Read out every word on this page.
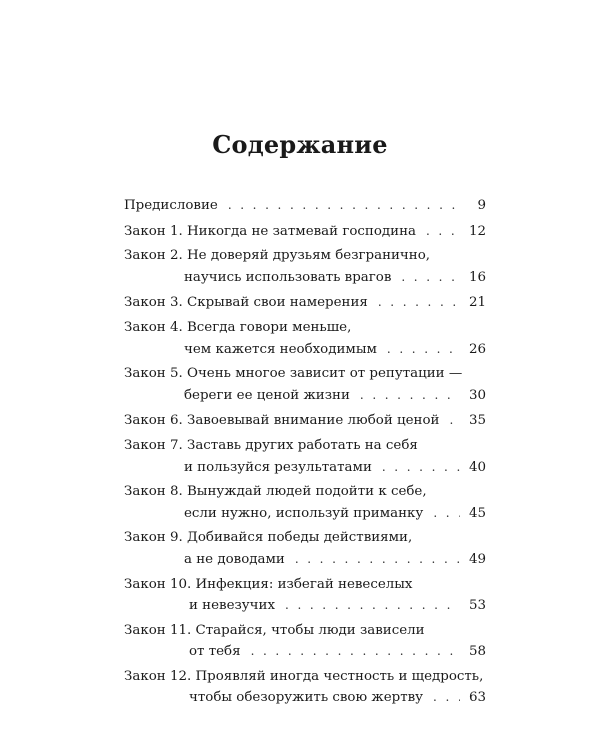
Содержание
Предисловие . . .	9
Закон 1. Никогда не затмевай господина . . .	12
Закон 2. Не доверяй друзьям безгранично,
научись использовать врагов . . .	16
Закон 3. Скрывай свои намерения . . .	21
Закон 4. Всегда говори меньше,
чем кажется необходимым . . .	26
Закон 5. Очень многое зависит от репутации —
береги ее ценой жизни . . .	30
Закон 6. Завоевывай внимание любой ценой . . . 35
Закон 7. Заставь других работать на себя
и пользуйся результатами . . .	40
Закон 8. Вынуждай людей подойти к себе,
если нужно, используй приманку . . .	45
Закон 9. Добивайся победы действиями,
а не доводами . . .	49
Закон 10. Инфекция: избегай невеселых
и невезучих . . .	53
Закон 11. Старайся, чтобы люди зависели
от тебя . . .	58
Закон 12. Проявляй иногда честность и щедрость,
чтобы обезоружить свою жертву . . .	63
